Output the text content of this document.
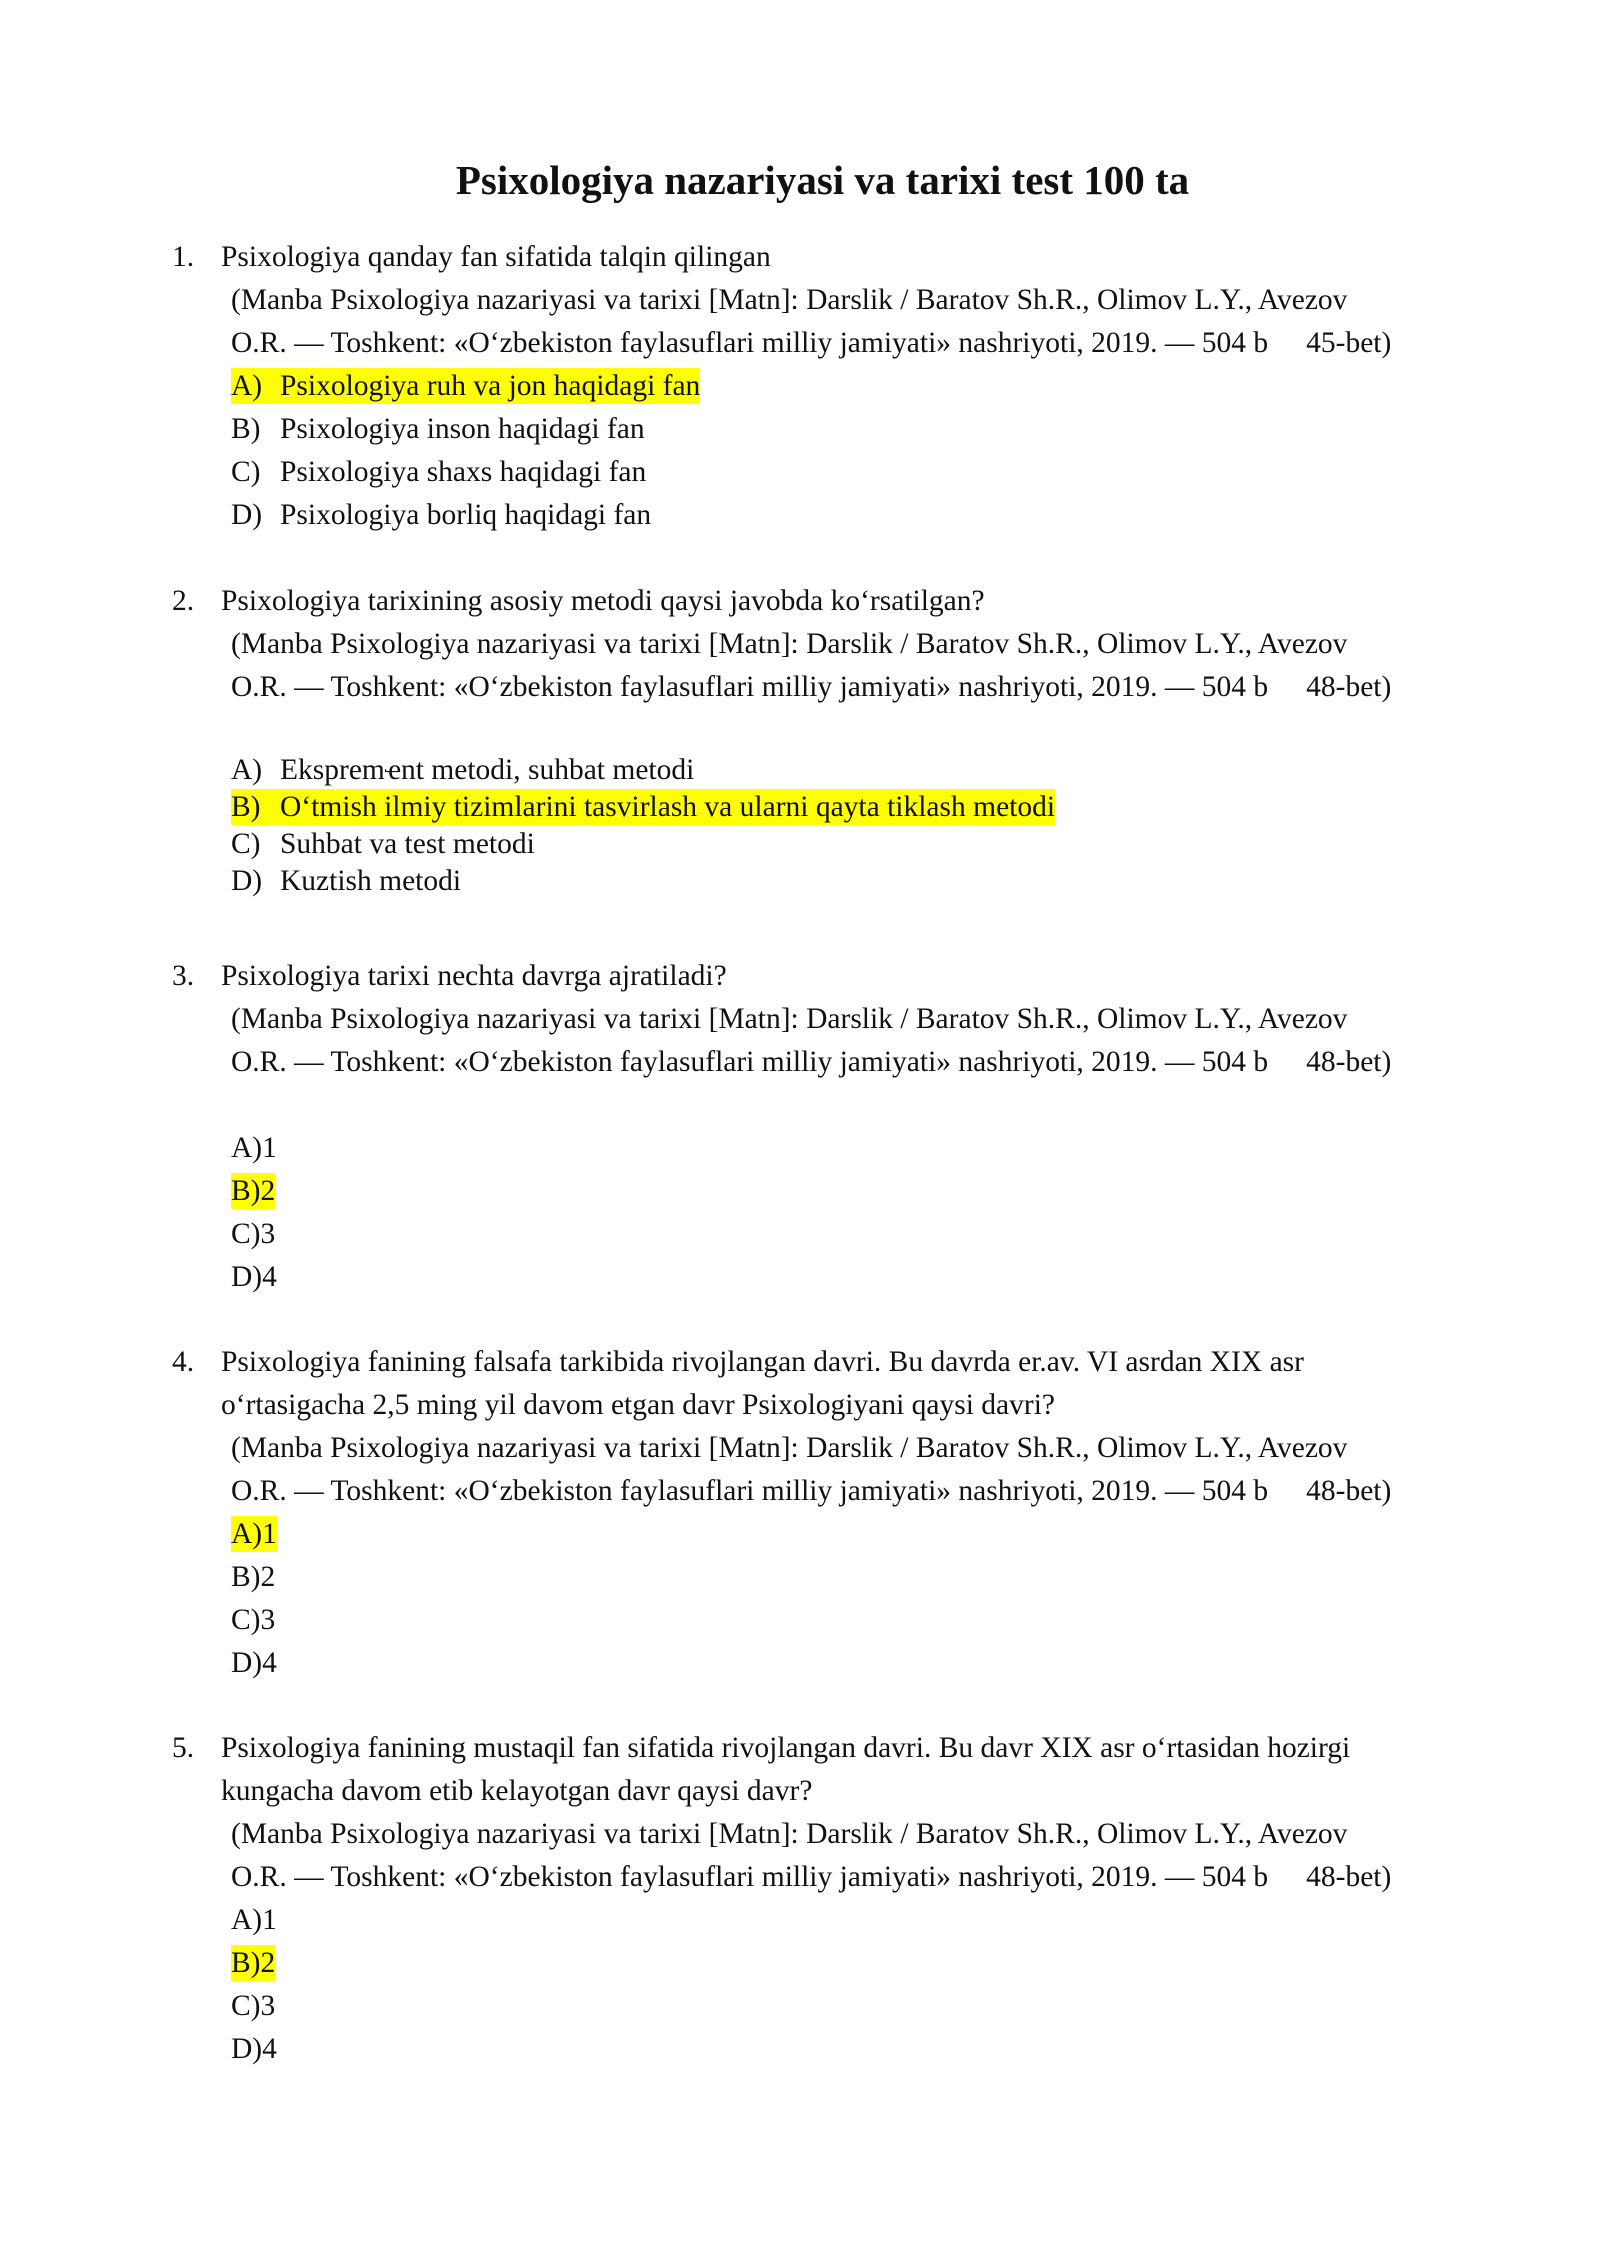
Psixologiya nazariyasi va tarixi test 100 ta
1. Psixologiya qanday fan sifatida talqin qilingan
(Manba Psixologiya nazariyasi va tarixi [Matn]: Darslik / Baratov Sh.R., Olimov L.Y., Avezov
O.R. — Toshkent: «O‘zbekiston faylasuflari milliy jamiyati» nashriyoti, 2019. — 504 b 45-bet)
A) Psixologiya ruh va jon haqidagi fan
B) Psixologiya inson haqidagi fan
C) Psixologiya shaxs haqidagi fan
D) Psixologiya borliq haqidagi fan
2. Psixologiya tarixining asosiy metodi qaysi javobda ko‘rsatilgan?
(Manba Psixologiya nazariyasi va tarixi [Matn]: Darslik / Baratov Sh.R., Olimov L.Y., Avezov
O.R. — Toshkent: «O‘zbekiston faylasuflari milliy jamiyati» nashriyoti, 2019. — 504 b 48-bet)
A) Ekspremҽnt metodi, suhbat metodi
B) O‘tmish ilmiy tizimlarini tasvirlash va ularni qayta tiklash metodi
C) Suhbat va test metodi
D) Kuztish metodi
3. Psixologiya tarixi nechta davrga ajratiladi?
(Manba Psixologiya nazariyasi va tarixi [Matn]: Darslik / Baratov Sh.R., Olimov L.Y., Avezov
O.R. — Toshkent: «O‘zbekiston faylasuflari milliy jamiyati» nashriyoti, 2019. — 504 b 48-bet)
A)1
B)2
C)3
D)4
4. Psixologiya fanining falsafa tarkibida rivojlangan davri. Bu davrda er.av. VI asrdan XIX asr
o‘rtasigacha 2,5 ming yil davom etgan davr Psixologiyani qaysi davri?
(Manba Psixologiya nazariyasi va tarixi [Matn]: Darslik / Baratov Sh.R., Olimov L.Y., Avezov
O.R. — Toshkent: «O‘zbekiston faylasuflari milliy jamiyati» nashriyoti, 2019. — 504 b 48-bet)
A)1
B)2
C)3
D)4
5. Psixologiya fanining mustaqil fan sifatida rivojlangan davri. Bu davr XIX asr o‘rtasidan hozirgi
kungacha davom etib kelayotgan davr qaysi davr?
(Manba Psixologiya nazariyasi va tarixi [Matn]: Darslik / Baratov Sh.R., Olimov L.Y., Avezov
O.R. — Toshkent: «O‘zbekiston faylasuflari milliy jamiyati» nashriyoti, 2019. — 504 b 48-bet)
A)1
B)2
C)3
D)4
